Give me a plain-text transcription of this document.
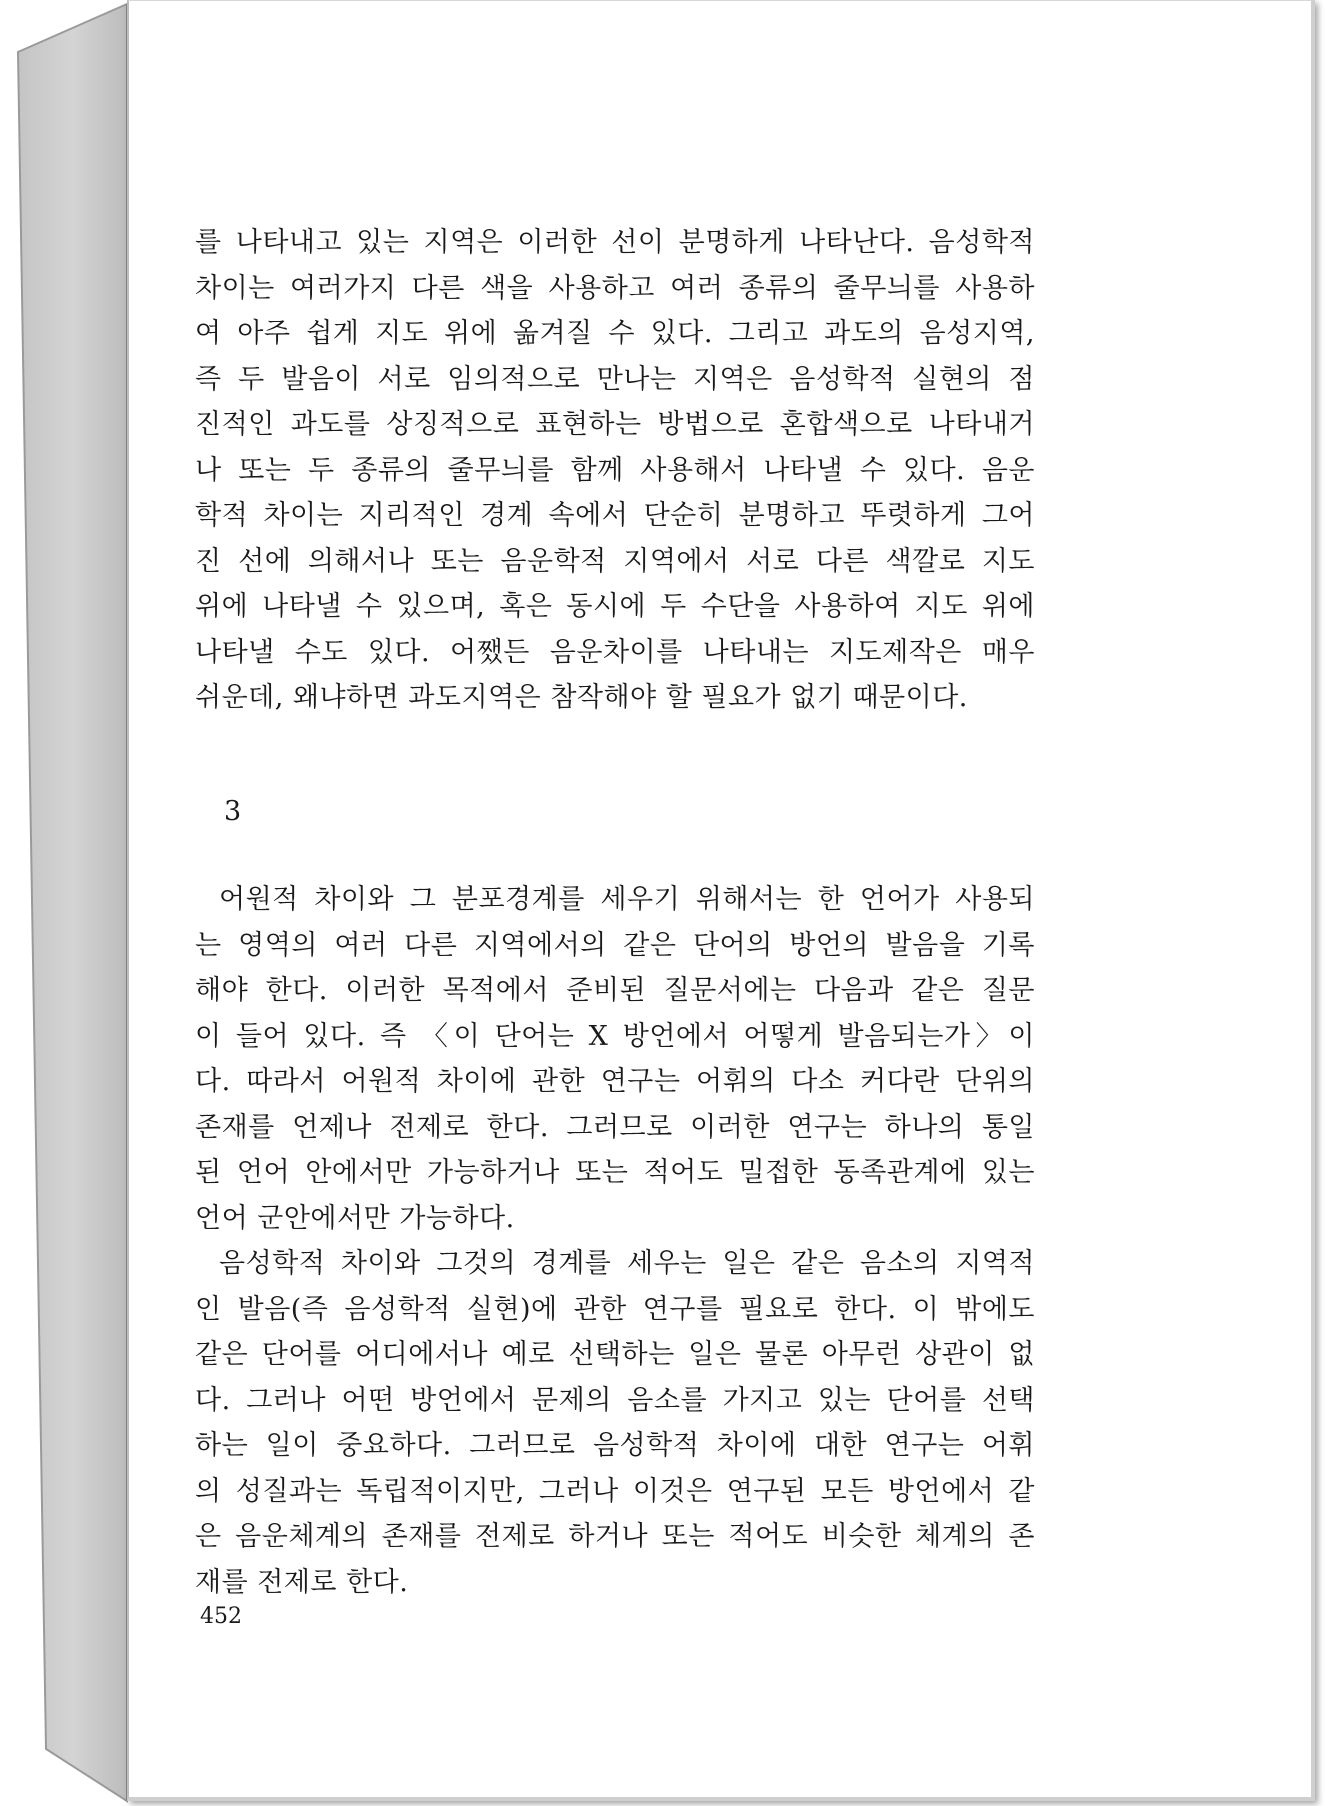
를 나타내고 있는 지역은 이러한 선이 분명하게 나타난다. 음성학적
차이는 여러가지 다른 색을 사용하고 여러 종류의 줄무늬를 사용하
여 아주 쉽게 지도 위에 옮겨질 수 있다. 그리고 과도의 음성지역,
즉 두 발음이 서로 임의적으로 만나는 지역은 음성학적 실현의 점
진적인 과도를 상징적으로 표현하는 방법으로 혼합색으로 나타내거
나 또는 두 종류의 줄무늬를 함께 사용해서 나타낼 수 있다. 음운
학적 차이는 지리적인 경계 속에서 단순히 분명하고 뚜렷하게 그어
진 선에 의해서나 또는 음운학적 지역에서 서로 다른 색깔로 지도
위에 나타낼 수 있으며, 혹은 동시에 두 수단을 사용하여 지도 위에
나타낼 수도 있다. 어쨌든 음운차이를 나타내는 지도제작은 매우
쉬운데, 왜냐하면 과도지역은 참작해야 할 필요가 없기 때문이다.
3
어원적 차이와 그 분포경계를 세우기 위해서는 한 언어가 사용되
는 영역의 여러 다른 지역에서의 같은 단어의 방언의 발음을 기록
해야 한다. 이러한 목적에서 준비된 질문서에는 다음과 같은 질문
이 들어 있다. 즉 〈이 단어는 X 방언에서 어떻게 발음되는가〉이
다. 따라서 어원적 차이에 관한 연구는 어휘의 다소 커다란 단위의
존재를 언제나 전제로 한다. 그러므로 이러한 연구는 하나의 통일
된 언어 안에서만 가능하거나 또는 적어도 밀접한 동족관계에 있는
언어 군안에서만 가능하다.
음성학적 차이와 그것의 경계를 세우는 일은 같은 음소의 지역적
인 발음(즉 음성학적 실현)에 관한 연구를 필요로 한다. 이 밖에도
같은 단어를 어디에서나 예로 선택하는 일은 물론 아무런 상관이 없
다. 그러나 어떤 방언에서 문제의 음소를 가지고 있는 단어를 선택
하는 일이 중요하다. 그러므로 음성학적 차이에 대한 연구는 어휘
의 성질과는 독립적이지만, 그러나 이것은 연구된 모든 방언에서 같
은 음운체계의 존재를 전제로 하거나 또는 적어도 비슷한 체계의 존
재를 전제로 한다.
452
